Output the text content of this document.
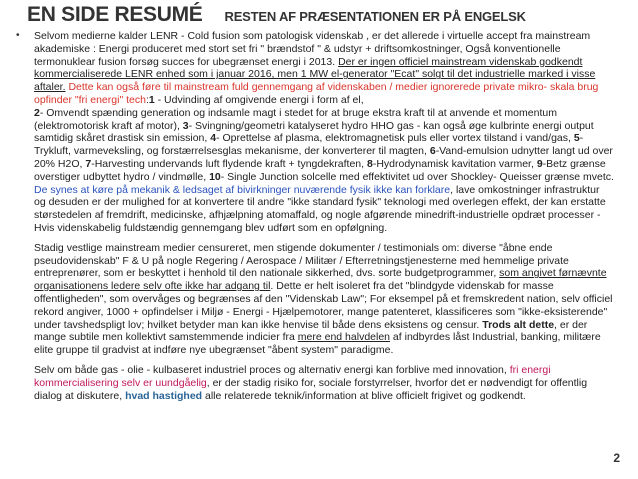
EN SIDE RESUMÉ RESTEN AF PRÆSENTATIONEN ER PÅ ENGELSK

• Selvom medierne kalder LENR - Cold fusion som patologisk videnskab , er det allerede i virtuelle accept fra mainstream akademiske : Energi produceret med stort set fri " brændstof " & udstyr + driftsomkostninger, Også konventionelle termonuklear fusion forsøg succes for ubegrænset energi i 2013. Der er ingen officiel mainstream videnskab godkendt kommercialiserede LENR enhed som i januar 2016, men 1 MW el-generator "Ecat" solgt til det industrielle marked i visse aftaler. Dette kan også føre til mainstream fuld gennemgang af videnskaben / medier ignorerede private mikro- skala brug opfinder "fri energi" tech:1 - Udvinding af omgivende energi i form af el,
2- Omvendt spænding generation og indsamle magt i stedet for at bruge ekstra kraft til at anvende et momentum (elektromotorisk kraft af motor), 3- Svingning/geometri katalyseret hydro HHO gas - kan også øge kulbrinte energi output samtidig skåret drastisk sin emission, 4- Oprettelse af plasma, elektromagnetisk puls eller vortex tilstand i vand/gas, 5- Trykluft, varmeveksling, og forstærrelsesglas mekanisme, der konverterer til magten, 6-Vand-emulsion udnytter langt ud over 20% H2O, 7-Harvesting undervands luft flydende kraft + tyngdekraften, 8-Hydrodynamisk kavitation varmer, 9-Betz grænse overstiger udbyttet hydro / vindmølle, 10- Single Junction solcelle med effektivitet ud over Shockley- Queisser grænse mvetc. De synes at køre på mekanik & ledsaget af bivirkninger nuværende fysik ikke kan forklare, lave omkostninger infrastruktur og desuden er der mulighed for at konvertere til andre "ikke standard fysik" teknologi med overlegen effekt, der kan erstatte størstedelen af fremdrift, medicinske, afhjælpning atomaffald, og nogle afgørende minedrift-industrielle opdræt processer - Hvis videnskabelig fuldstændig gennemgang blev udført som en opfølgning.

Stadig vestlige mainstream medier censureret, men stigende dokumenter / testimonials om: diverse "åbne ende pseudovidenskab" F & U på nogle Regering / Aerospace / Militær / Efterretningstjenesterne med hemmelige private entreprenører, som er beskyttet i henhold til den nationale sikkerhed, dvs. sorte budgetprogrammer, som angivet førnævnte organisationens ledere selv ofte ikke har adgang til. Dette er helt isoleret fra det "blindgyde videnskab for masse offentligheden", som overvåges og begrænses af den "Videnskab Law"; For eksempel på et fremskredent nation, selv officiel rekord angiver, 1000 + opfindelser i Miljø - Energi - Hjælpemotorer, mange patenteret, klassificeres som "ikke-eksisterende" under tavshedspligt lov; hvilket betyder man kan ikke henvise til både dens eksistens og censur. Trods alt dette, er der mange subtile men kollektivt samstemmende indicier fra mere end halvdelen af indbyrdes låst Industrial, banking, militære elite gruppe til gradvist at indføre nye ubegrænset "åbent system" paradigme.

Selv om både gas - olie - kulbaseret industriel proces og alternativ energi kan forblive med innovation, fri energi kommercialisering selv er uundgåelig, er der stadig risiko for, sociale forstyrrelser, hvorfor det er nødvendigt for offentlig dialog at diskutere, hvad hastighed alle relaterede teknik/information at blive officielt frigivet og godkendt.

2
